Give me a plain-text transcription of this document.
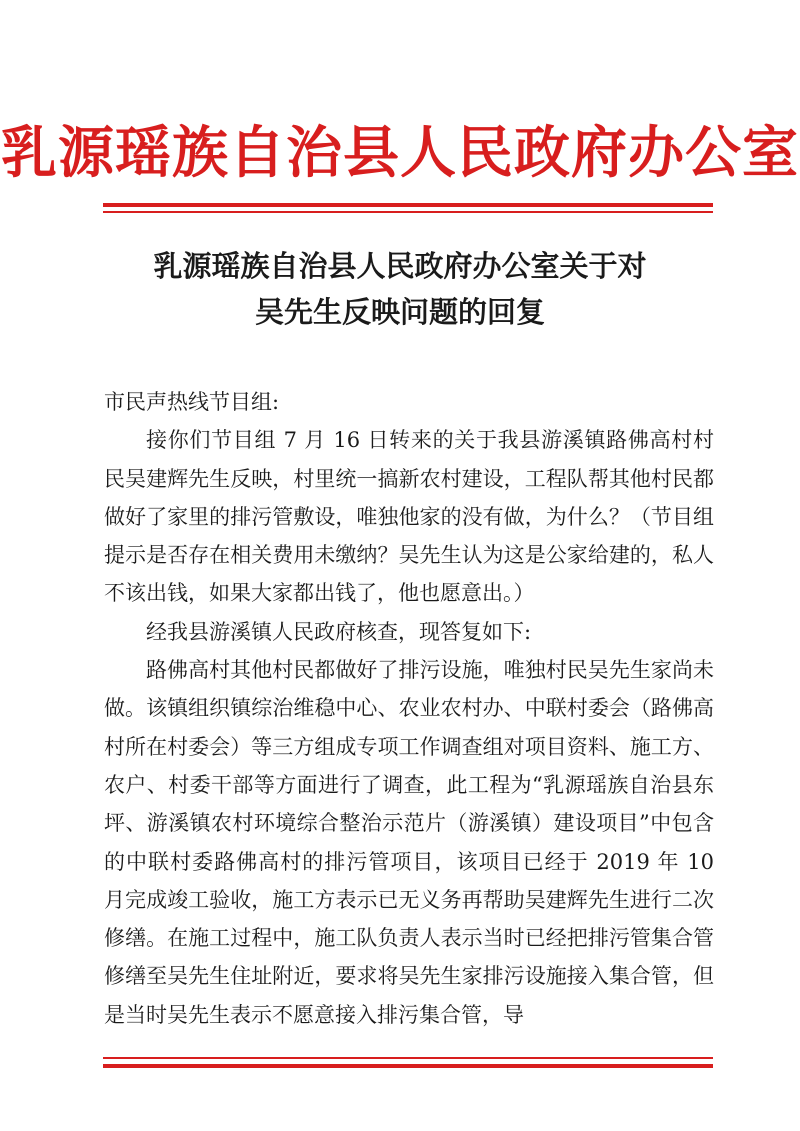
乳源瑶族自治县人民政府办公室
乳源瑶族自治县人民政府办公室关于对
吴先生反映问题的回复

市民声热线节目组:

接你们节目组 7 月 16 日转来的关于我县游溪镇路佛高村村民吴建辉先生反映，村里统一搞新农村建设，工程队帮其他村民都做好了家里的排污管敷设，唯独他家的没有做，为什么？（节目组提示是否存在相关费用未缴纳？吴先生认为这是公家给建的，私人不该出钱，如果大家都出钱了，他也愿意出。）

经我县游溪镇人民政府核查，现答复如下:

路佛高村其他村民都做好了排污设施，唯独村民吴先生家尚未做。该镇组织镇综治维稳中心、农业农村办、中联村委会（路佛高村所在村委会）等三方组成专项工作调查组对项目资料、施工方、农户、村委干部等方面进行了调查，此工程为“乳源瑶族自治县东坪、游溪镇农村环境综合整治示范片（游溪镇）建设项目”中包含的中联村委路佛高村的排污管项目，该项目已经于 2019 年 10 月完成竣工验收，施工方表示已无义务再帮助吴建辉先生进行二次修缮。在施工过程中，施工队负责人表示当时已经把排污管集合管修缮至吴先生住址附近，要求将吴先生家排污设施接入集合管，但是当时吴先生表示不愿意接入排污集合管，导
